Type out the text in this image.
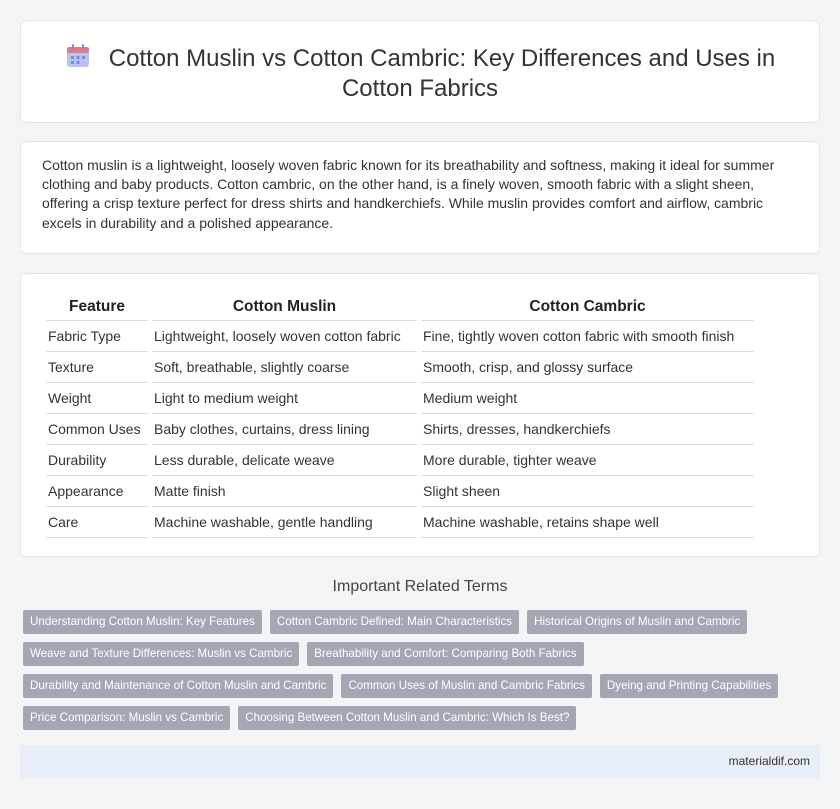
Cotton Muslin vs Cotton Cambric: Key Differences and Uses in Cotton Fabrics

Cotton muslin is a lightweight, loosely woven fabric known for its breathability and softness, making it ideal for summer clothing and baby products. Cotton cambric, on the other hand, is a finely woven, smooth fabric with a slight sheen, offering a crisp texture perfect for dress shirts and handkerchiefs. While muslin provides comfort and airflow, cambric excels in durability and a polished appearance.

Feature	Cotton Muslin	Cotton Cambric
Fabric Type	Lightweight, loosely woven cotton fabric	Fine, tightly woven cotton fabric with smooth finish
Texture	Soft, breathable, slightly coarse	Smooth, crisp, and glossy surface
Weight	Light to medium weight	Medium weight
Common Uses	Baby clothes, curtains, dress lining	Shirts, dresses, handkerchiefs
Durability	Less durable, delicate weave	More durable, tighter weave
Appearance	Matte finish	Slight sheen
Care	Machine washable, gentle handling	Machine washable, retains shape well
Important Related Terms
Understanding Cotton Muslin: Key Features	Cotton Cambric Defined: Main Characteristics	Historical Origins of Muslin and Cambric
Weave and Texture Differences: Muslin vs Cambric	Breathability and Comfort: Comparing Both Fabrics
Durability and Maintenance of Cotton Muslin and Cambric	Common Uses of Muslin and Cambric Fabrics	Dyeing and Printing Capabilities
Price Comparison: Muslin vs Cambric	Choosing Between Cotton Muslin and Cambric: Which Is Best?
materialdif.com
